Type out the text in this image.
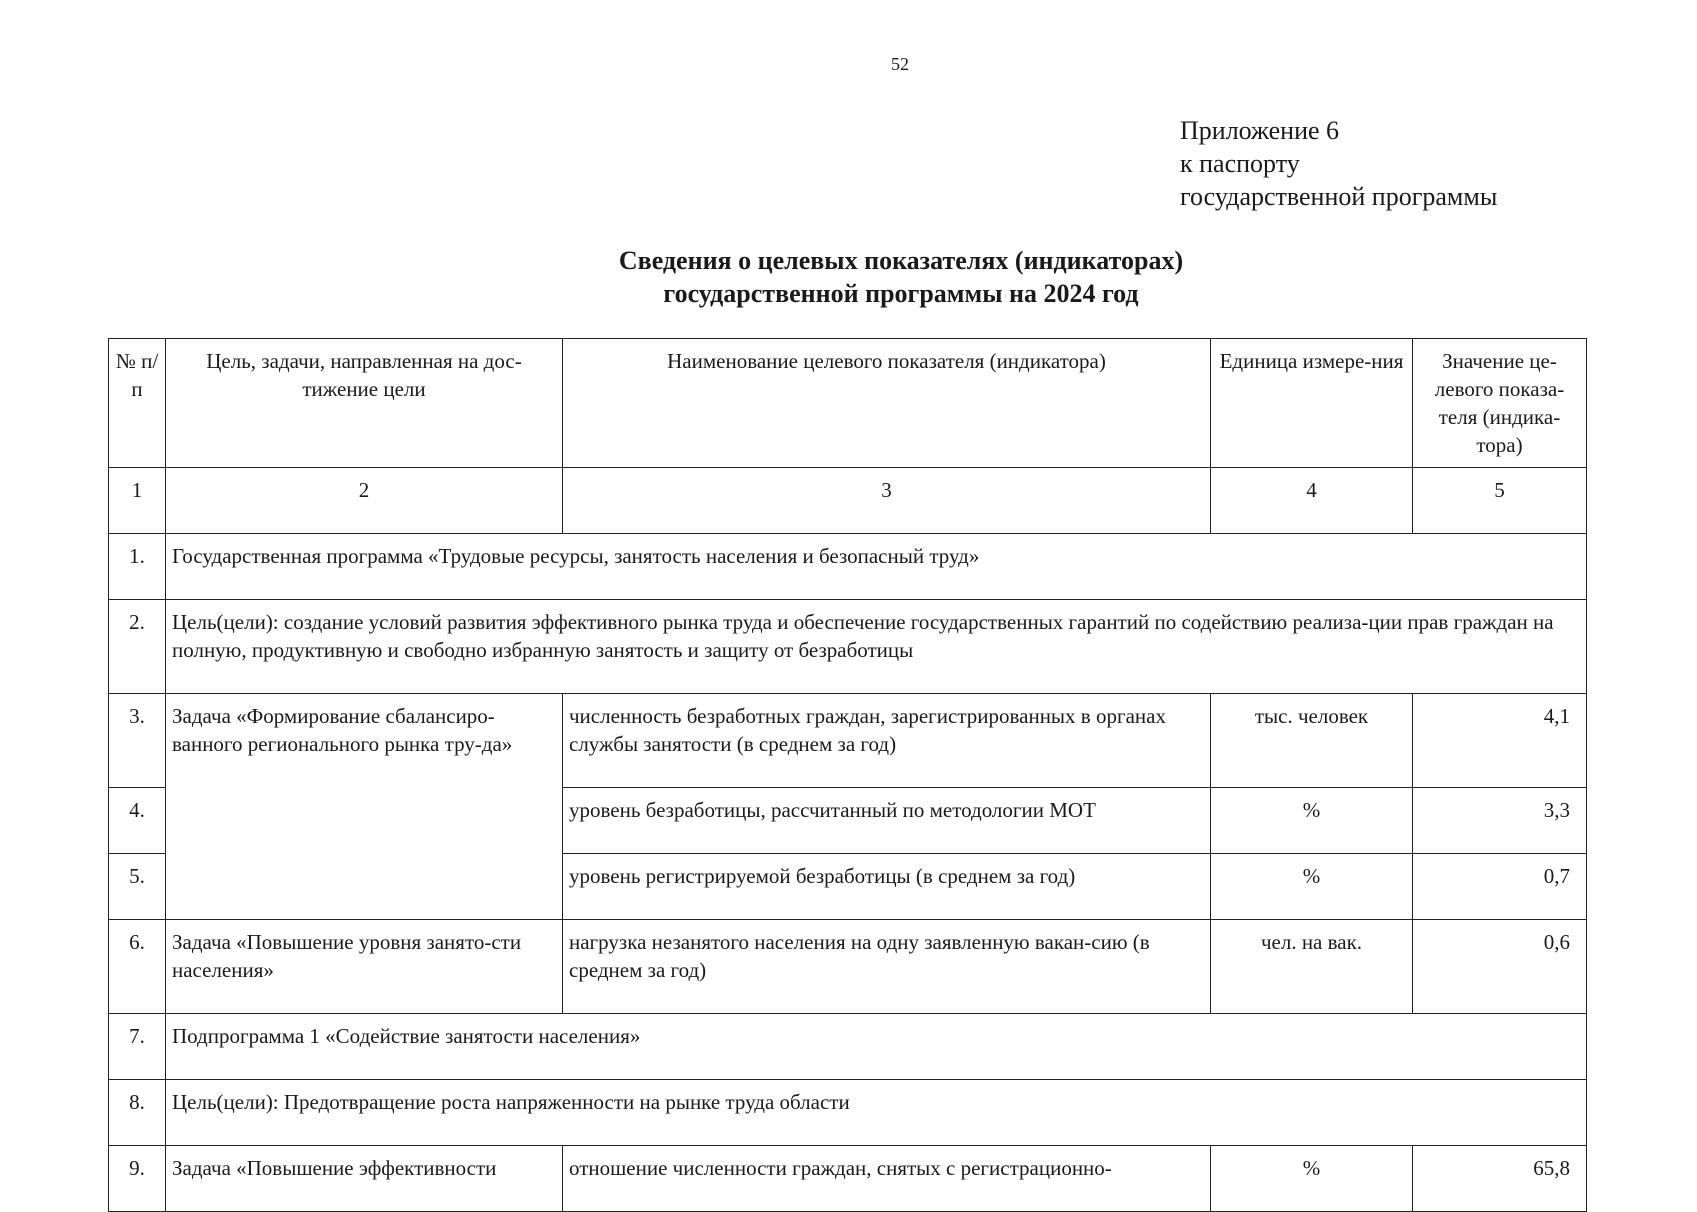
52
Приложение 6
к паспорту
государственной программы
Сведения о целевых показателях (индикаторах)
государственной программы на 2024 год
№ п/п	Цель, задачи, направленная на дос-тижение цели	Наименование целевого показателя (индикатора)	Единица измере-ния	Значение це-левого показа-теля (индика-тора)
1	2	3	4	5
1.	Государственная программа «Трудовые ресурсы, занятость населения и безопасный труд»			
2.	Цель(цели): создание условий развития эффективного рынка труда и обеспечение государственных гарантий по содействию реализа-ции прав граждан на полную, продуктивную и свободно избранную занятость и защиту от безработицы			
3.	Задача «Формирование сбалансиро-ванного регионального рынка тру-да»	численность безработных граждан, зарегистрированных в органах службы занятости (в среднем за год)	тыс. человек	4,1
4.		уровень безработицы, рассчитанный по методологии МОТ	%	3,3
5.		уровень регистрируемой безработицы (в среднем за год)	%	0,7
6.	Задача «Повышение уровня занято-сти населения»	нагрузка незанятого населения на одну заявленную вакан-сию (в среднем за год)	чел. на вак.	0,6
7.	Подпрограмма 1 «Содействие занятости населения»			
8.	Цель(цели): Предотвращение роста напряженности на рынке труда области			
9.	Задача «Повышение эффективности	отношение численности граждан, снятых с регистрационно-	%	65,8
